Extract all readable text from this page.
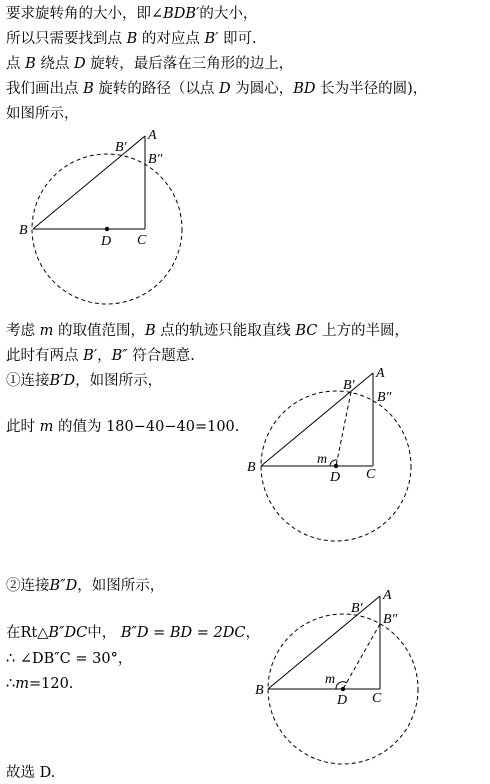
要求旋转角的大小，即∠BDB′的大小，
所以只需要找到点 B 的对应点 B′ 即可.
点 B 绕点 D 旋转，最后落在三角形的边上，
我们画出点 B 旋转的路径（以点 D 为圆心，BD 长为半径的圆)，
如图所示，
A
B′
B″
B
D C
考虑 m 的取值范围，B 点的轨迹只能取直线 BC 上方的半圆，
此时有两点 B′，B″ 符合题意.
①连接B′D，如图所示，
此时 m 的值为 180−40−40=100.
A
B′
B″
m
B
D C
②连接B″D，如图所示，
在Rt△B″DC中， B″D = BD = 2DC，
∴ ∠DB″C = 30°，
∴m=120.
A
B′
B″
m
B
D C
故选 D.
